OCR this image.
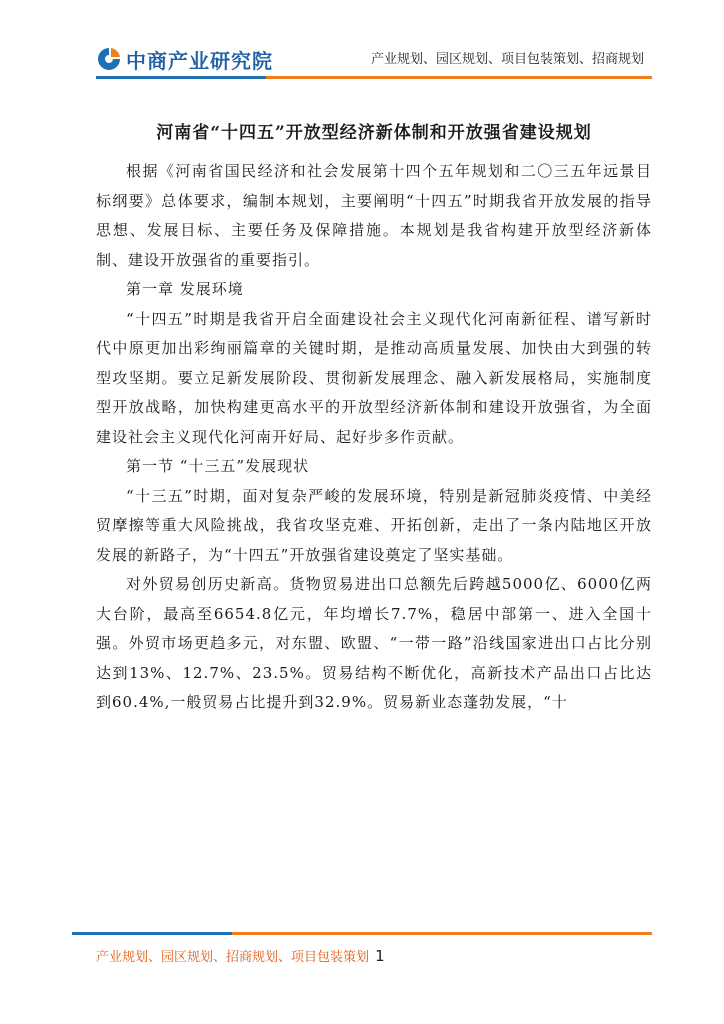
中商产业研究院	产业规划、园区规划、项目包装策划、招商规划
河南省“十四五”开放型经济新体制和开放强省建设规划

根据《河南省国民经济和社会发展第十四个五年规划和二〇三五年远景目标纲要》总体要求，编制本规划，主要阐明“十四五”时期我省开放发展的指导思想、发展目标、主要任务及保障措施。本规划是我省构建开放型经济新体制、建设开放强省的重要指引。

第一章 发展环境

“十四五”时期是我省开启全面建设社会主义现代化河南新征程、谱写新时代中原更加出彩绚丽篇章的关键时期，是推动高质量发展、加快由大到强的转型攻坚期。要立足新发展阶段、贯彻新发展理念、融入新发展格局，实施制度型开放战略，加快构建更高水平的开放型经济新体制和建设开放强省，为全面建设社会主义现代化河南开好局、起好步多作贡献。

第一节 “十三五”发展现状

“十三五”时期，面对复杂严峻的发展环境，特别是新冠肺炎疫情、中美经贸摩擦等重大风险挑战，我省攻坚克难、开拓创新，走出了一条内陆地区开放发展的新路子，为“十四五”开放强省建设奠定了坚实基础。

对外贸易创历史新高。货物贸易进出口总额先后跨越5000亿、6000亿两大台阶，最高至6654.8亿元，年均增长7.7%，稳居中部第一、进入全国十强。外贸市场更趋多元，对东盟、欧盟、“一带一路”沿线国家进出口占比分别达到13%、12.7%、23.5%。贸易结构不断优化，高新技术产品出口占比达到60.4%,一般贸易占比提升到32.9%。贸易新业态蓬勃发展，“十

产业规划、园区规划、招商规划、项目包装策划 1
